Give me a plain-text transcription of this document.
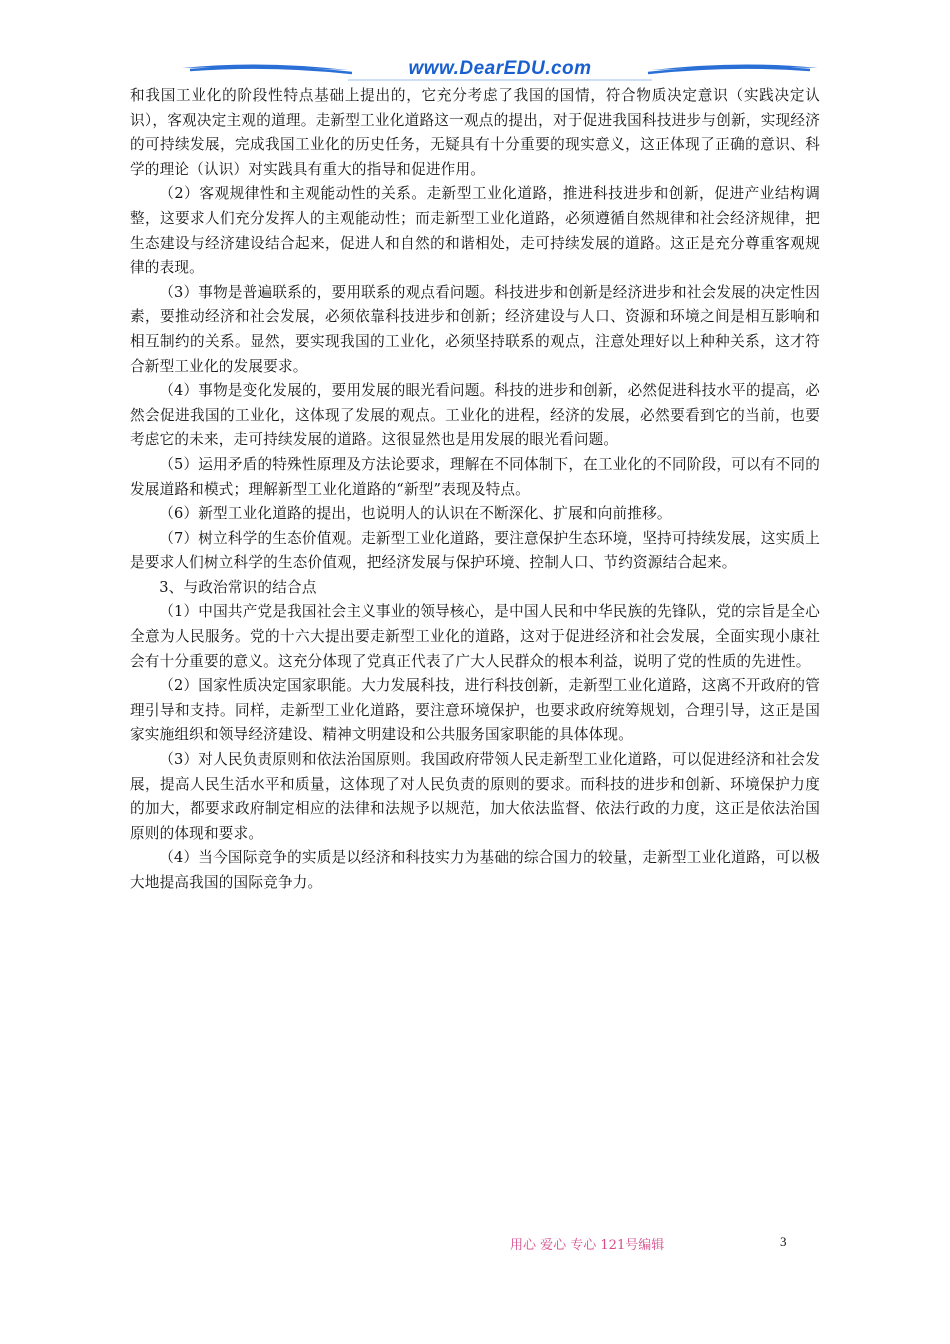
www.DearEDU.com

和我国工业化的阶段性特点基础上提出的，它充分考虑了我国的国情，符合物质决定意识（实践决定认识），客观决定主观的道理。走新型工业化道路这一观点的提出，对于促进我国科技进步与创新，实现经济的可持续发展，完成我国工业化的历史任务，无疑具有十分重要的现实意义，这正体现了正确的意识、科学的理论（认识）对实践具有重大的指导和促进作用。

（2）客观规律性和主观能动性的关系。走新型工业化道路，推进科技进步和创新，促进产业结构调整，这要求人们充分发挥人的主观能动性；而走新型工业化道路，必须遵循自然规律和社会经济规律，把生态建设与经济建设结合起来，促进人和自然的和谐相处，走可持续发展的道路。这正是充分尊重客观规律的表现。

（3）事物是普遍联系的，要用联系的观点看问题。科技进步和创新是经济进步和社会发展的决定性因素，要推动经济和社会发展，必须依靠科技进步和创新；经济建设与人口、资源和环境之间是相互影响和相互制约的关系。显然，要实现我国的工业化，必须坚持联系的观点，注意处理好以上种种关系，这才符合新型工业化的发展要求。

（4）事物是变化发展的，要用发展的眼光看问题。科技的进步和创新，必然促进科技水平的提高，必然会促进我国的工业化，这体现了发展的观点。工业化的进程，经济的发展，必然要看到它的当前，也要考虑它的未来，走可持续发展的道路。这很显然也是用发展的眼光看问题。

（5）运用矛盾的特殊性原理及方法论要求，理解在不同体制下，在工业化的不同阶段，可以有不同的发展道路和模式；理解新型工业化道路的“新型”表现及特点。

（6）新型工业化道路的提出，也说明人的认识在不断深化、扩展和向前推移。

（7）树立科学的生态价值观。走新型工业化道路，要注意保护生态环境，坚持可持续发展，这实质上是要求人们树立科学的生态价值观，把经济发展与保护环境、控制人口、节约资源结合起来。

3、与政治常识的结合点

（1）中国共产党是我国社会主义事业的领导核心，是中国人民和中华民族的先锋队，党的宗旨是全心全意为人民服务。党的十六大提出要走新型工业化的道路，这对于促进经济和社会发展，全面实现小康社会有十分重要的意义。这充分体现了党真正代表了广大人民群众的根本利益，说明了党的性质的先进性。

（2）国家性质决定国家职能。大力发展科技，进行科技创新，走新型工业化道路，这离不开政府的管理引导和支持。同样，走新型工业化道路，要注意环境保护，也要求政府统筹规划，合理引导，这正是国家实施组织和领导经济建设、精神文明建设和公共服务国家职能的具体体现。

（3）对人民负责原则和依法治国原则。我国政府带领人民走新型工业化道路，可以促进经济和社会发展，提高人民生活水平和质量，这体现了对人民负责的原则的要求。而科技的进步和创新、环境保护力度的加大，都要求政府制定相应的法律和法规予以规范，加大依法监督、依法行政的力度，这正是依法治国原则的体现和要求。

（4）当今国际竞争的实质是以经济和科技实力为基础的综合国力的较量，走新型工业化道路，可以极大地提高我国的国际竞争力。

用心 爱心 专心 121号编辑	3
